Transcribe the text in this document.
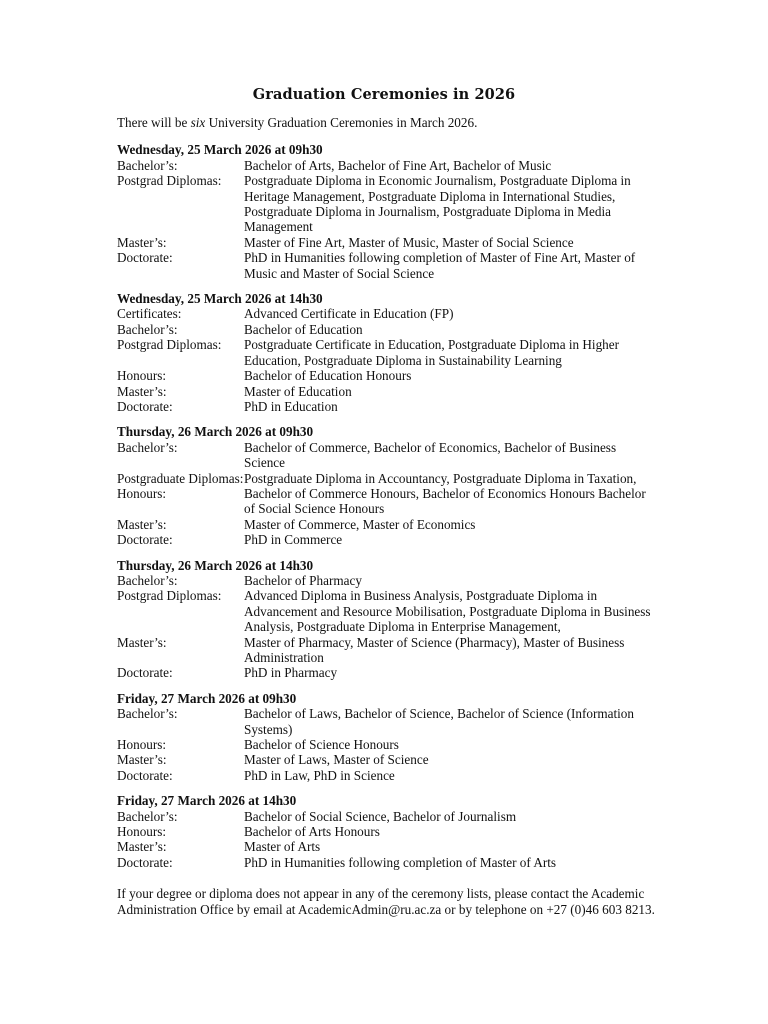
Graduation Ceremonies in 2026

There will be six University Graduation Ceremonies in March 2026.

Wednesday, 25 March 2026 at 09h30
Bachelor’s:	Bachelor of Arts, Bachelor of Fine Art, Bachelor of Music
Postgrad Diplomas:	Postgraduate Diploma in Economic Journalism, Postgraduate Diploma in Heritage Management, Postgraduate Diploma in International Studies, Postgraduate Diploma in Journalism, Postgraduate Diploma in Media Management
Master’s:	Master of Fine Art, Master of Music, Master of Social Science
Doctorate:	PhD in Humanities following completion of Master of Fine Art, Master of Music and Master of Social Science
Wednesday, 25 March 2026 at 14h30
Certificates:	Advanced Certificate in Education (FP)
Bachelor’s:	Bachelor of Education
Postgrad Diplomas:	Postgraduate Certificate in Education, Postgraduate Diploma in Higher Education, Postgraduate Diploma in Sustainability Learning
Honours:	Bachelor of Education Honours
Master’s:	Master of Education
Doctorate:	PhD in Education
Thursday, 26 March 2026 at 09h30
Bachelor’s:	Bachelor of Commerce, Bachelor of Economics, Bachelor of Business Science
Postgraduate Diplomas: Postgraduate Diploma in Accountancy, Postgraduate Diploma in Taxation,
Honours:	Bachelor of Commerce Honours, Bachelor of Economics Honours Bachelor of Social Science Honours
Master’s:	Master of Commerce, Master of Economics
Doctorate:	PhD in Commerce
Thursday, 26 March 2026 at 14h30
Bachelor’s:	Bachelor of Pharmacy
Postgrad Diplomas:	Advanced Diploma in Business Analysis, Postgraduate Diploma in Advancement and Resource Mobilisation, Postgraduate Diploma in Business Analysis, Postgraduate Diploma in Enterprise Management,
Master’s:	Master of Pharmacy, Master of Science (Pharmacy), Master of Business Administration
Doctorate:	PhD in Pharmacy
Friday, 27 March 2026 at 09h30
Bachelor’s:	Bachelor of Laws, Bachelor of Science, Bachelor of Science (Information Systems)
Honours:	Bachelor of Science Honours
Master’s:	Master of Laws, Master of Science
Doctorate:	PhD in Law, PhD in Science
Friday, 27 March 2026 at 14h30
Bachelor’s:	Bachelor of Social Science, Bachelor of Journalism
Honours:	Bachelor of Arts Honours
Master’s:	Master of Arts
Doctorate:	PhD in Humanities following completion of Master of Arts

If your degree or diploma does not appear in any of the ceremony lists, please contact the Academic Administration Office by email at AcademicAdmin@ru.ac.za or by telephone on +27 (0)46 603 8213.
